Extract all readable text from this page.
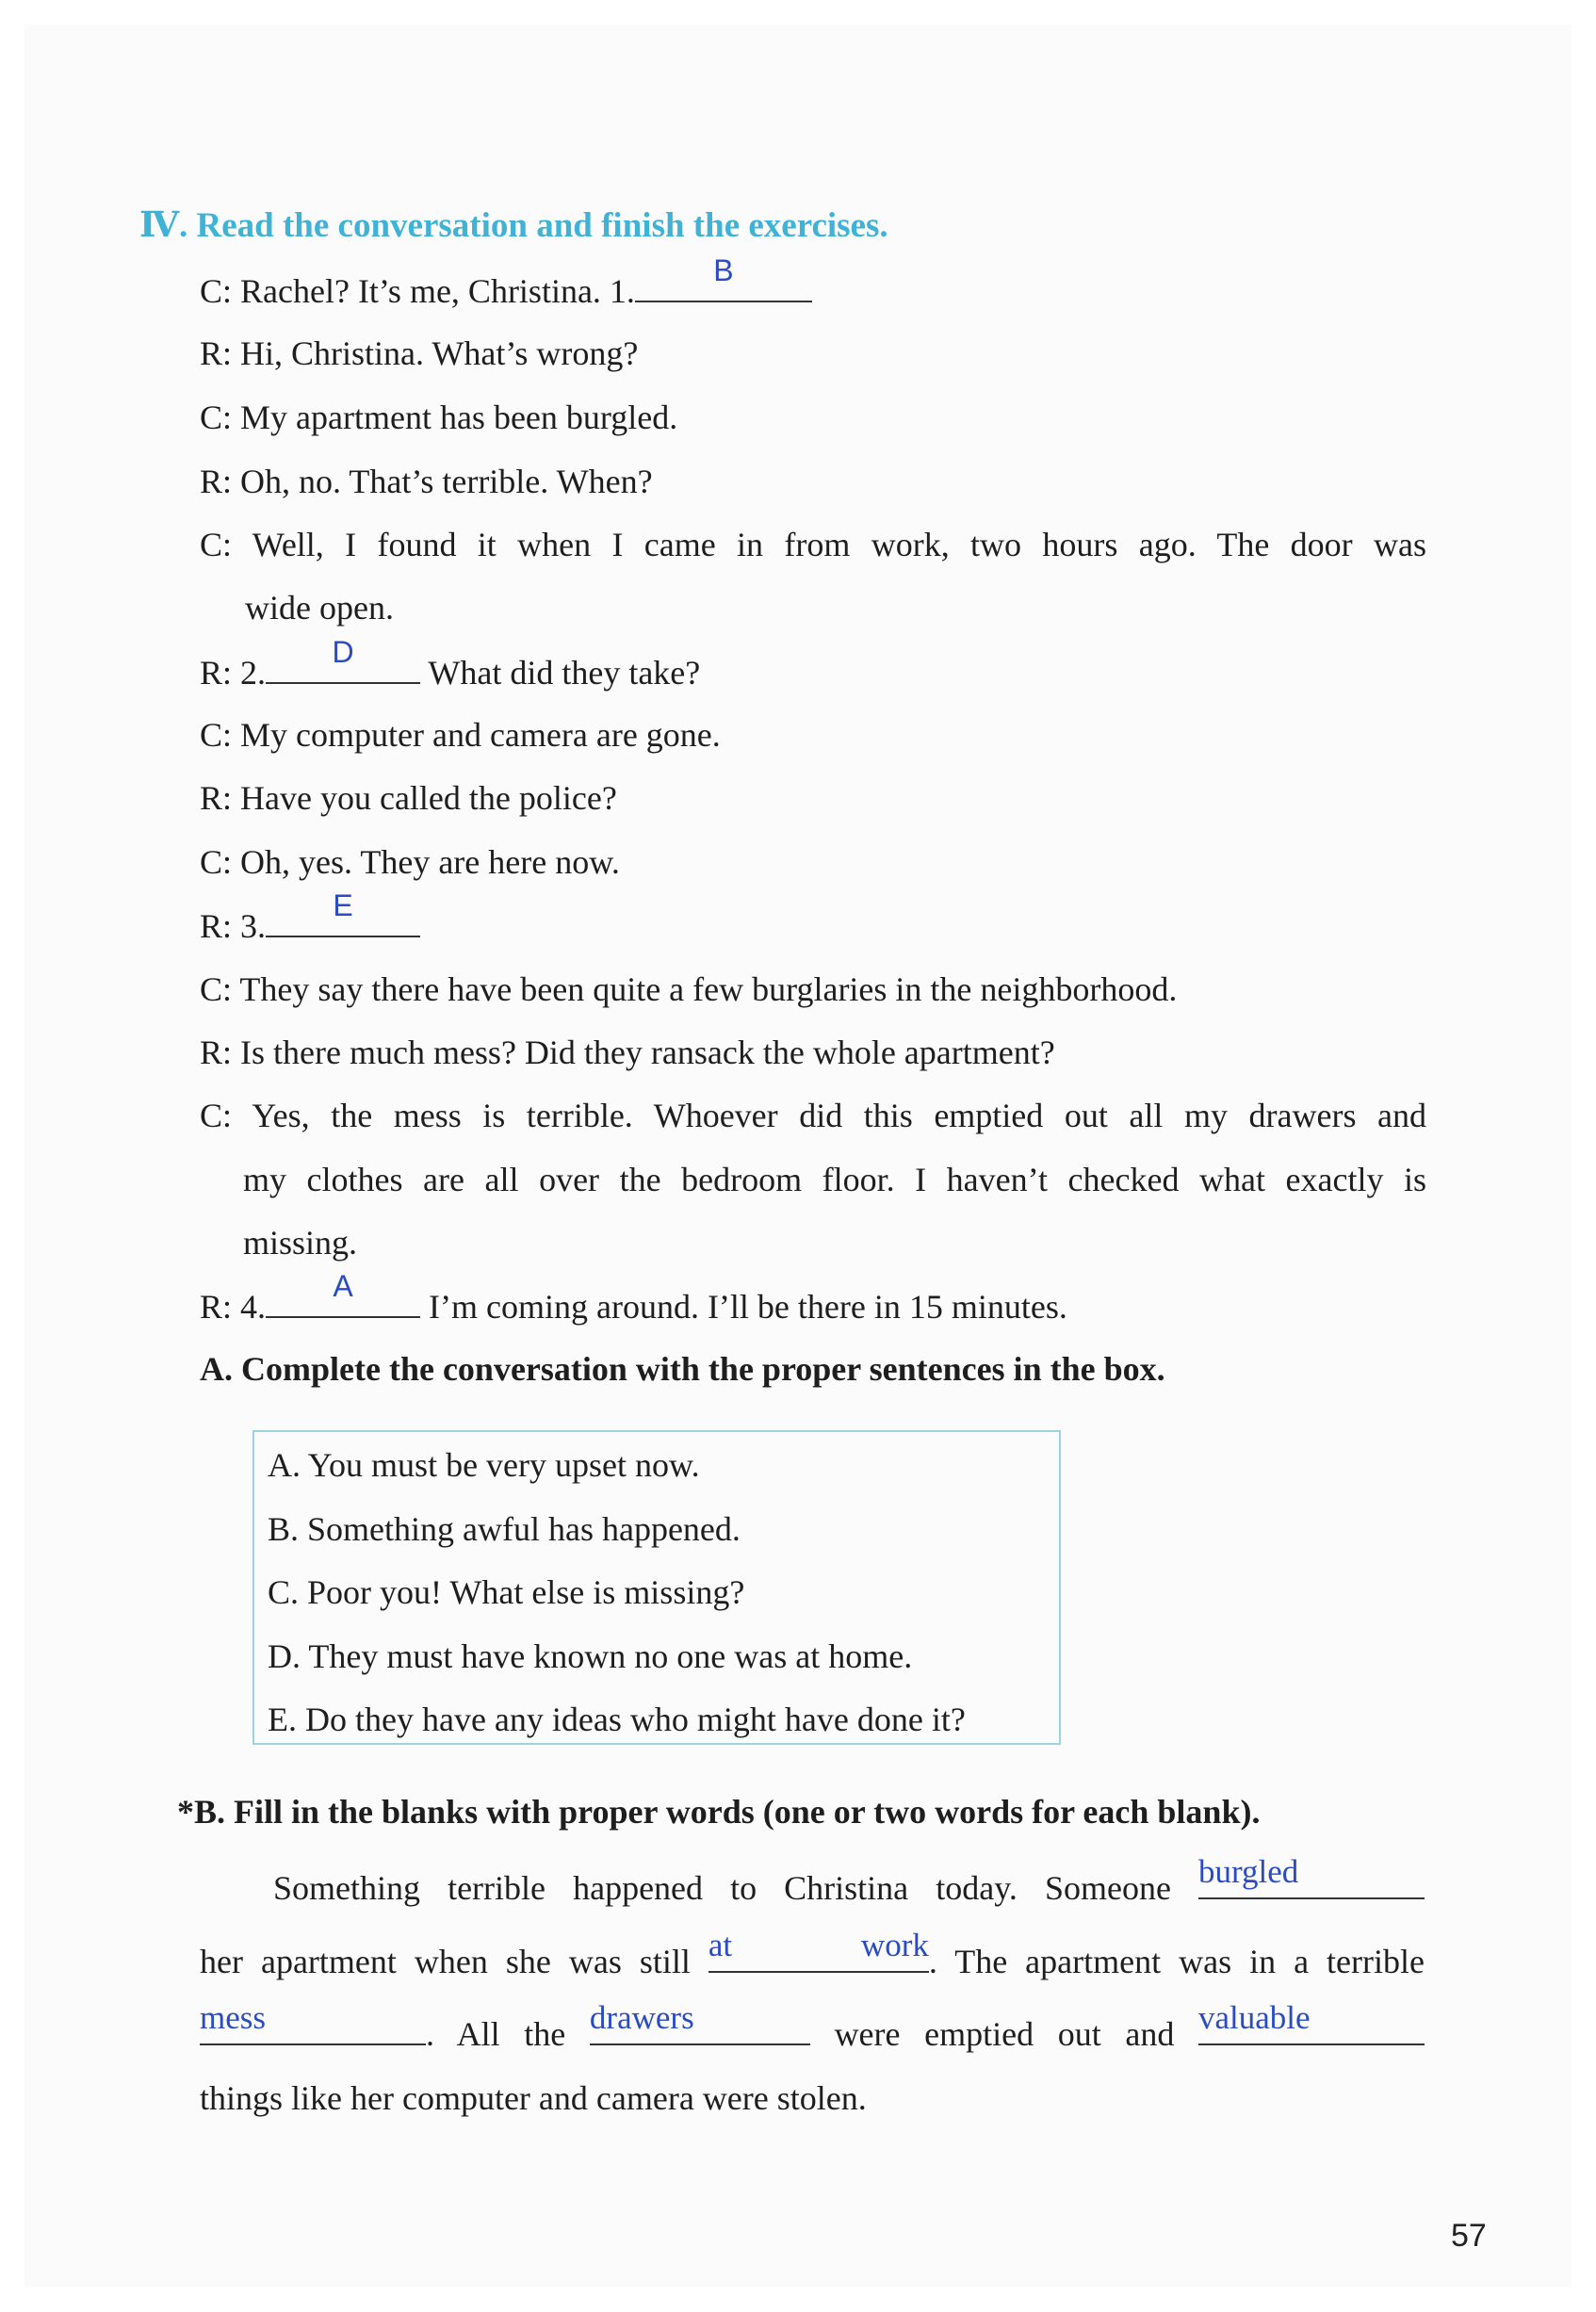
Ⅳ. Read the conversation and finish the exercises.
C: Rachel? It’s me, Christina. 1.
B
R: Hi, Christina. What’s wrong?
C: My apartment has been burgled.
R: Oh, no. That’s terrible. When?
C: Well, I found it when I came in from work, two hours ago. The door was
wide open.
R: 2.
D
What did they take?
C: My computer and camera are gone.
R: Have you called the police?
C: Oh, yes. They are here now.
R: 3.
E
C: They say there have been quite a few burglaries in the neighborhood.
R: Is there much mess? Did they ransack the whole apartment?
C: Yes, the mess is terrible. Whoever did this emptied out all my drawers and
my clothes are all over the bedroom floor. I haven’t checked what exactly is
missing.
R: 4.
A
I’m coming around. I’ll be there in 15 minutes.
A. Complete the conversation with the proper sentences in the box.
A. You must be very upset now.
B. Something awful has happened.
C. Poor you! What else is missing?
D. They must have known no one was at home.
E. Do they have any ideas who might have done it?
*B. Fill in the blanks with proper words (one or two words for each blank).
Something terrible happened to Christina today. Someone burgled
her apartment when she was still at work . The apartment was in a terrible
mess	. All the drawers	were emptied out and valuable
things like her computer and camera were stolen.
57
